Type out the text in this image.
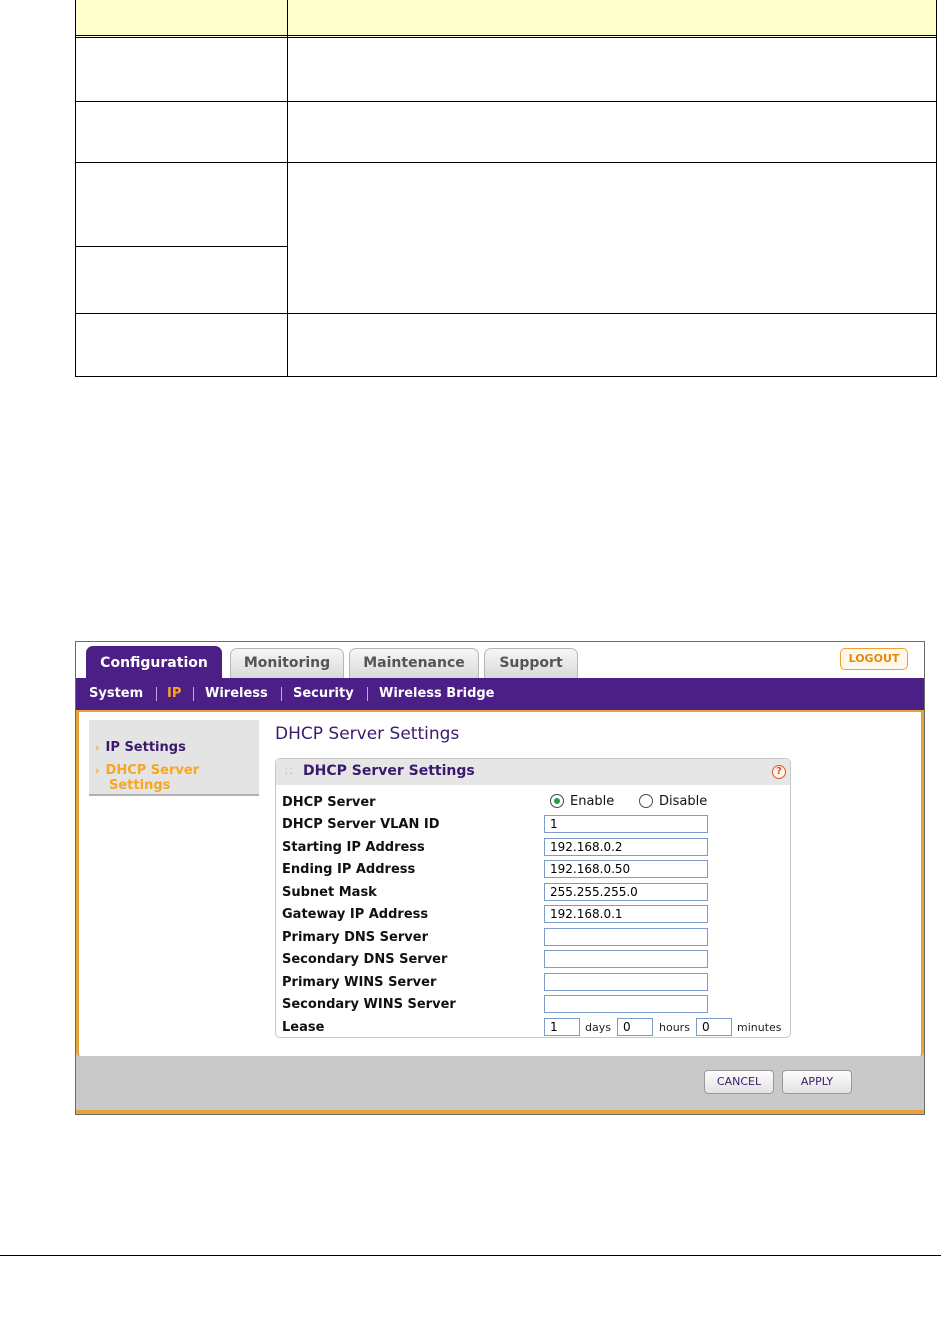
Configuration	Monitoring	Maintenance	Support	LOGOUT
System IP Wireless Security Wireless Bridge
› IP Settings
› DHCP Server Settings
DHCP Server Settings
∷ DHCP Server Settings	?
DHCP Server	Enable	Disable
DHCP Server VLAN ID	1
Starting IP Address	192.168.0.2
Ending IP Address	192.168.0.50
Subnet Mask	255.255.255.0
Gateway IP Address	192.168.0.1
Primary DNS Server
Secondary DNS Server
Primary WINS Server
Secondary WINS Server
Lease	1	days	0	hours	0	minutes
CANCEL	APPLY
